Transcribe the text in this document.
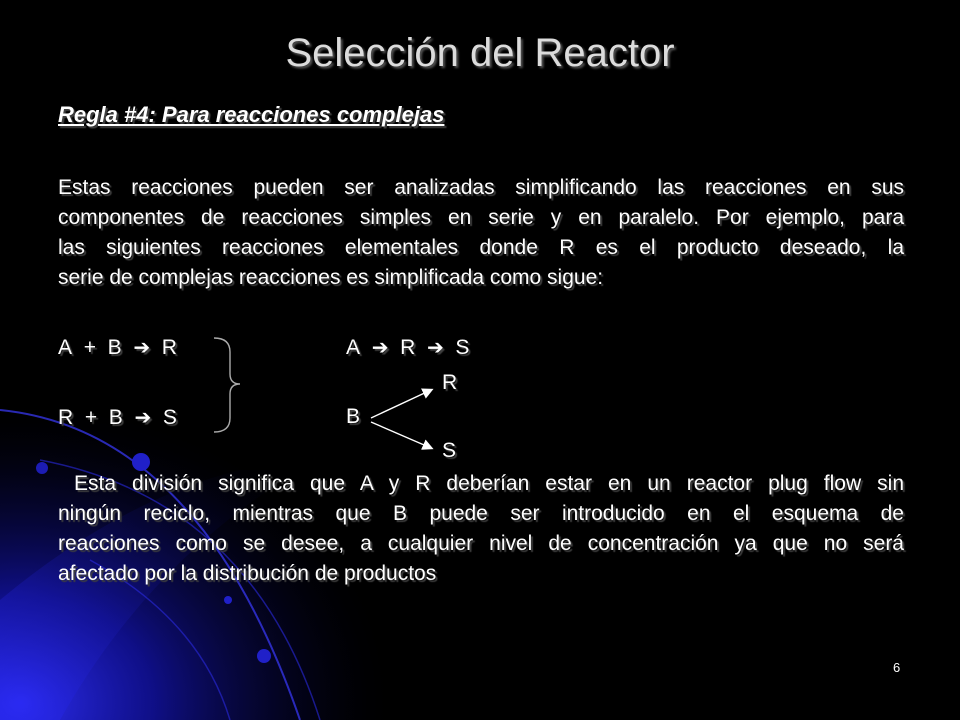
Selección del Reactor
Regla #4: Para reacciones complejas
Estas reacciones pueden ser analizadas simplificando las reacciones en sus
componentes de reacciones simples en serie y en paralelo. Por ejemplo, para
las siguientes reacciones elementales donde R es el producto deseado, la
serie de complejas reacciones es simplificada como sigue:
A + B ➔ R
R + B ➔ S
A ➔ R ➔ S
R
B
S
Esta división significa que A y R deberían estar en un reactor plug flow sin
ningún reciclo, mientras que B puede ser introducido en el esquema de
reacciones como se desee, a cualquier nivel de concentración ya que no será
afectado por la distribución de productos
6
